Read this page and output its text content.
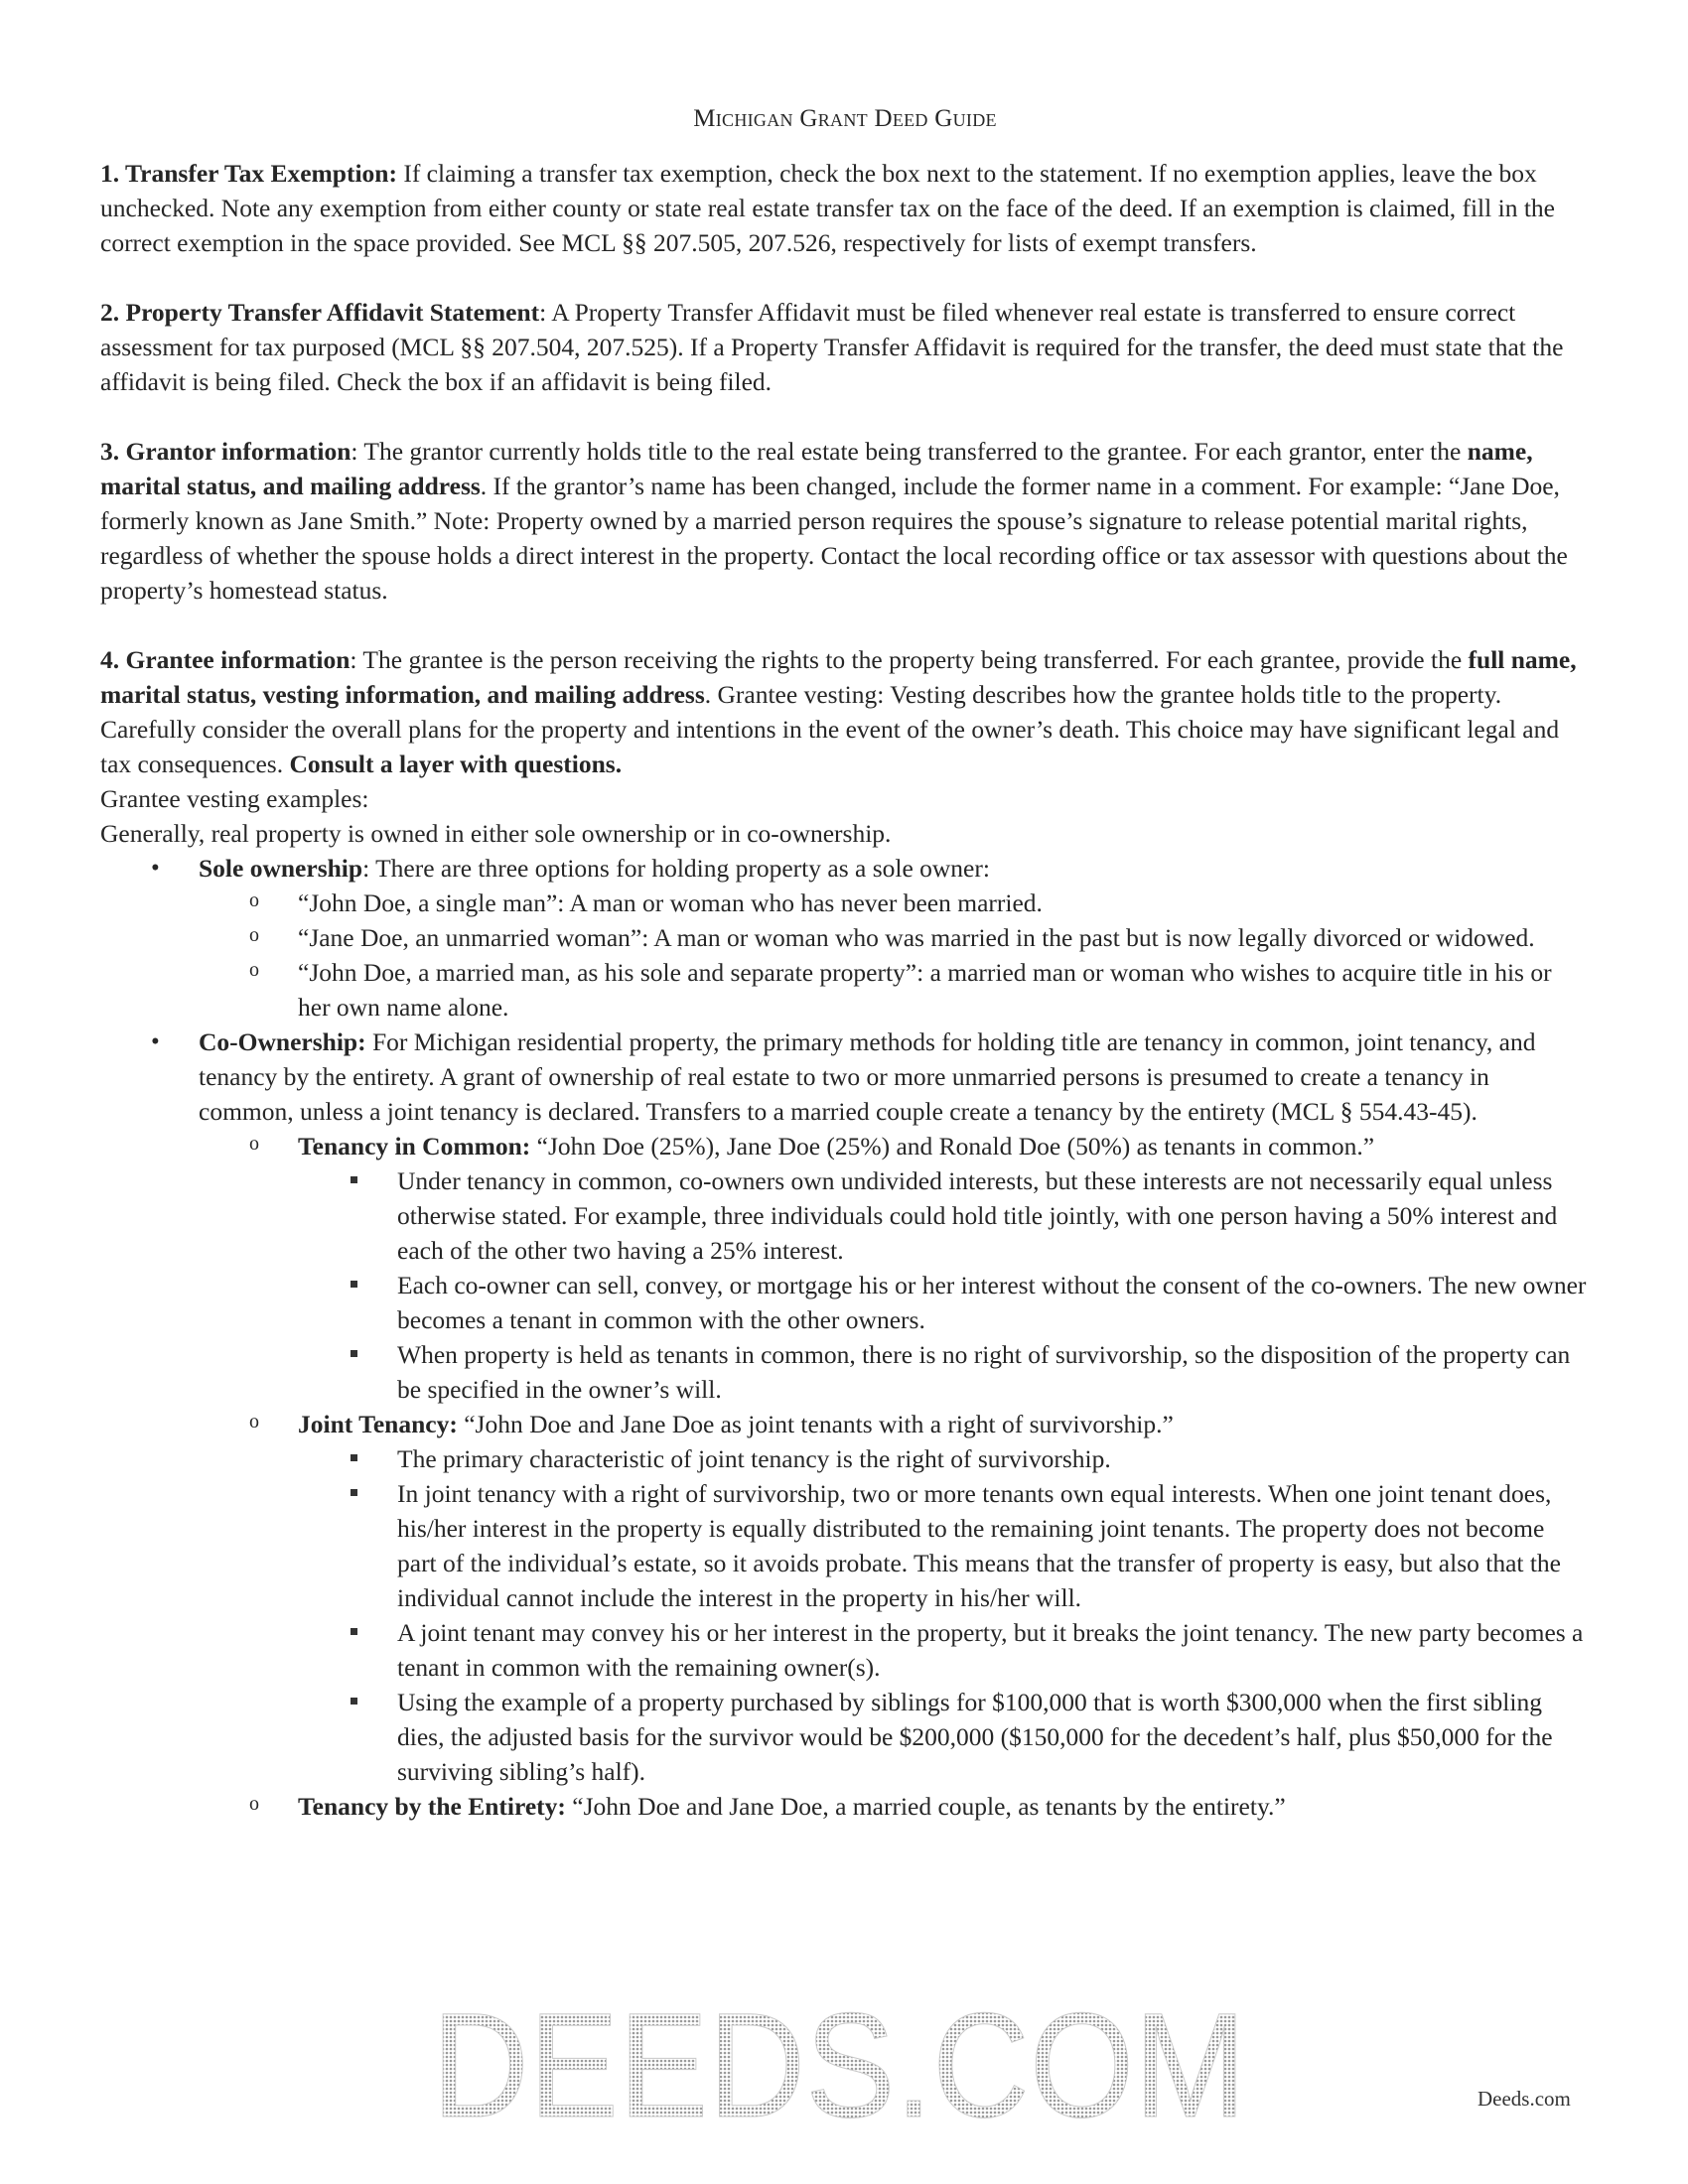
Michigan Grant Deed Guide

1. Transfer Tax Exemption: If claiming a transfer tax exemption, check the box next to the statement. If no exemption applies, leave the box unchecked. Note any exemption from either county or state real estate transfer tax on the face of the deed. If an exemption is claimed, fill in the correct exemption in the space provided. See MCL §§ 207.505, 207.526, respectively for lists of exempt transfers.

2. Property Transfer Affidavit Statement: A Property Transfer Affidavit must be filed whenever real estate is transferred to ensure correct assessment for tax purposed (MCL §§ 207.504, 207.525). If a Property Transfer Affidavit is required for the transfer, the deed must state that the affidavit is being filed. Check the box if an affidavit is being filed.

3. Grantor information: The grantor currently holds title to the real estate being transferred to the grantee. For each grantor, enter the name, marital status, and mailing address. If the grantor’s name has been changed, include the former name in a comment. For example: “Jane Doe, formerly known as Jane Smith.” Note: Property owned by a married person requires the spouse’s signature to release potential marital rights, regardless of whether the spouse holds a direct interest in the property. Contact the local recording office or tax assessor with questions about the property’s homestead status.

4. Grantee information: The grantee is the person receiving the rights to the property being transferred. For each grantee, provide the full name, marital status, vesting information, and mailing address. Grantee vesting: Vesting describes how the grantee holds title to the property. Carefully consider the overall plans for the property and intentions in the event of the owner’s death. This choice may have significant legal and tax consequences. Consult a layer with questions.

Grantee vesting examples:

Generally, real property is owned in either sole ownership or in co-ownership.

• Sole ownership: There are three options for holding property as a sole owner:
o “John Doe, a single man”: A man or woman who has never been married.
o “Jane Doe, an unmarried woman”: A man or woman who was married in the past but is now legally divorced or widowed.
o “John Doe, a married man, as his sole and separate property”: a married man or woman who wishes to acquire title in his or her own name alone.
• Co-Ownership: For Michigan residential property, the primary methods for holding title are tenancy in common, joint tenancy, and tenancy by the entirety. A grant of ownership of real estate to two or more unmarried persons is presumed to create a tenancy in common, unless a joint tenancy is declared. Transfers to a married couple create a tenancy by the entirety (MCL § 554.43-45).
o Tenancy in Common: “John Doe (25%), Jane Doe (25%) and Ronald Doe (50%) as tenants in common.”
Under tenancy in common, co-owners own undivided interests, but these interests are not necessarily equal unless otherwise stated. For example, three individuals could hold title jointly, with one person having a 50% interest and each of the other two having a 25% interest.
Each co-owner can sell, convey, or mortgage his or her interest without the consent of the co-owners. The new owner becomes a tenant in common with the other owners.
When property is held as tenants in common, there is no right of survivorship, so the disposition of the property can be specified in the owner’s will.
o Joint Tenancy: “John Doe and Jane Doe as joint tenants with a right of survivorship.”
The primary characteristic of joint tenancy is the right of survivorship.
In joint tenancy with a right of survivorship, two or more tenants own equal interests. When one joint tenant does, his/her interest in the property is equally distributed to the remaining joint tenants. The property does not become part of the individual’s estate, so it avoids probate. This means that the transfer of property is easy, but also that the individual cannot include the interest in the property in his/her will.
A joint tenant may convey his or her interest in the property, but it breaks the joint tenancy. The new party becomes a tenant in common with the remaining owner(s).
Using the example of a property purchased by siblings for $100,000 that is worth $300,000 when the first sibling dies, the adjusted basis for the survivor would be $200,000 ($150,000 for the decedent’s half, plus $50,000 for the surviving sibling’s half).
o Tenancy by the Entirety: “John Doe and Jane Doe, a married couple, as tenants by the entirety.”
DEEDS.COM	Deeds.com
